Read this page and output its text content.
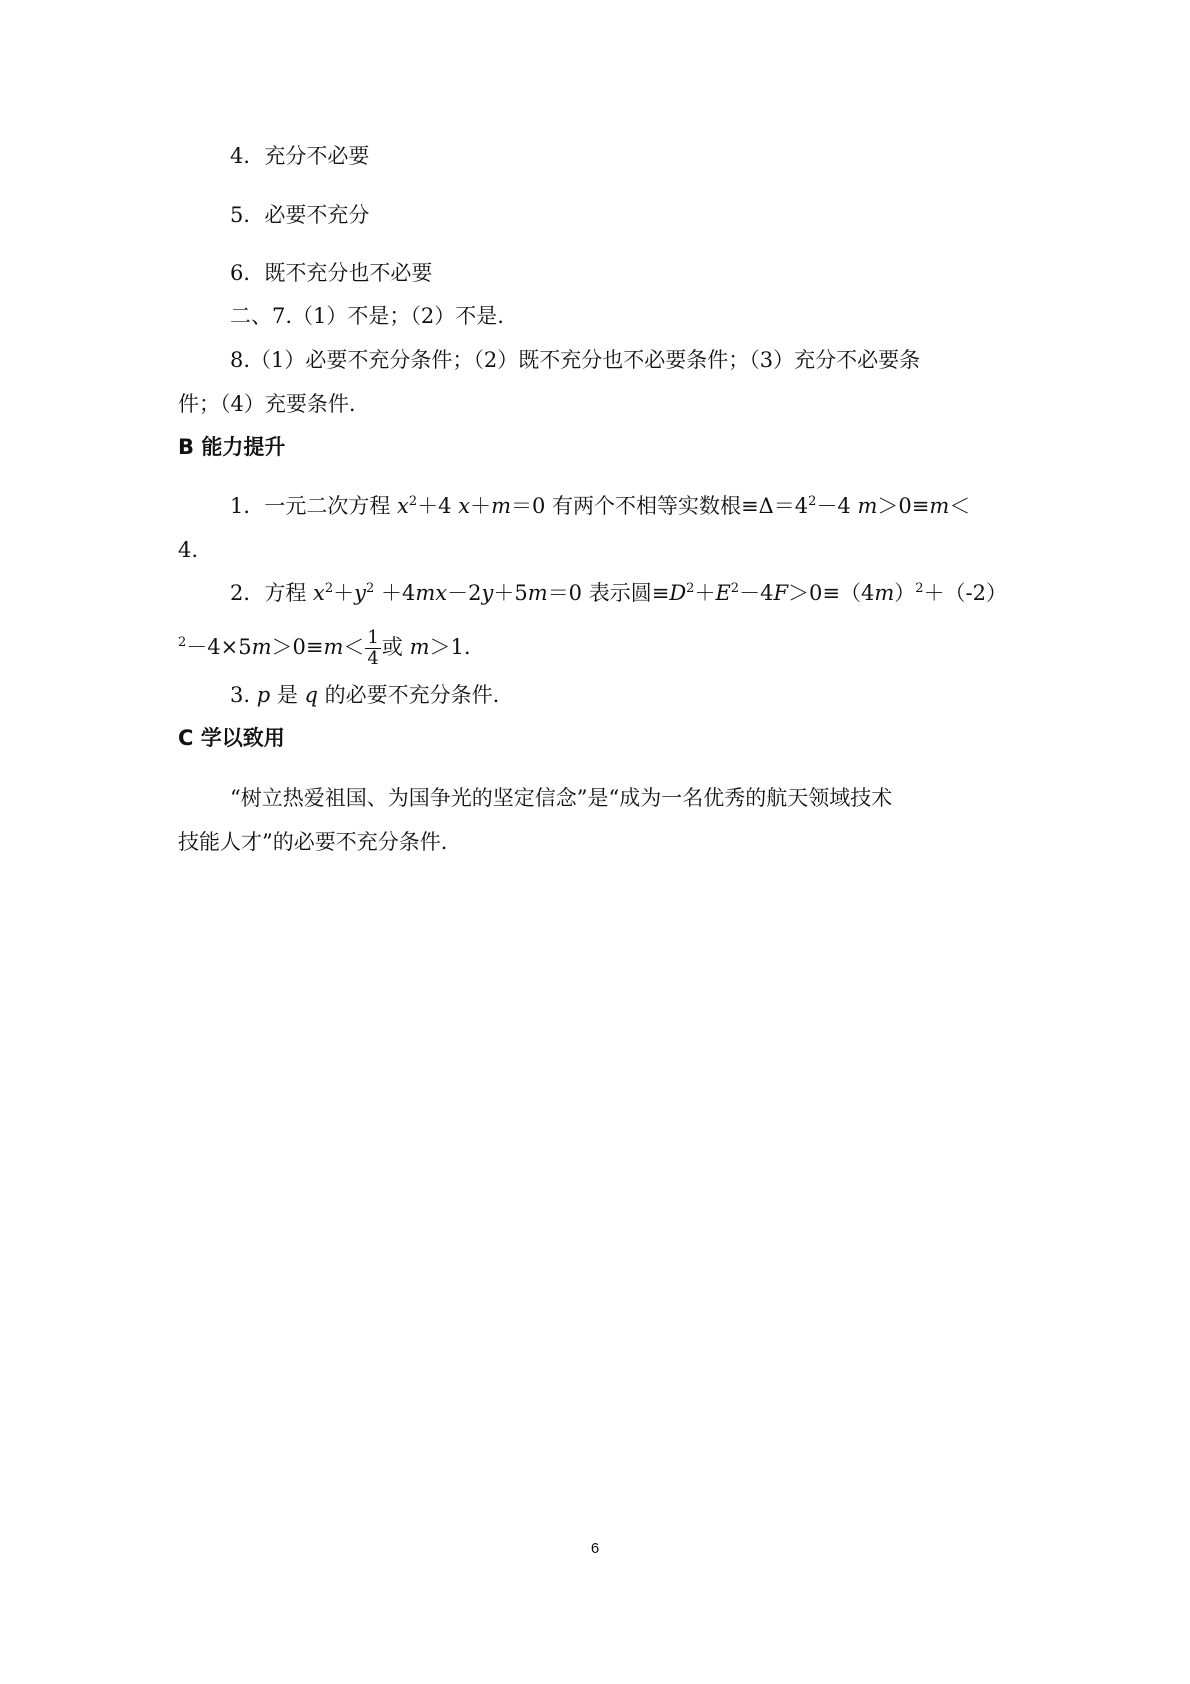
4．充分不必要
5．必要不充分
6．既不充分也不必要
二、7.（1）不是；（2）不是.
8.（1）必要不充分条件；（2）既不充分也不必要条件；（3）充分不必要条
件；（4）充要条件.
B 能力提升
1．一元二次方程 $x^2+4$ x＋m＝0 有两个不相等实数根$\equiv\Delta=4^2-4$ m＞0≡m＜
4.
2．方程 $x^2+y^2 +4mx-2y+5m=0$ 表示圆$\equiv D^2+E^2-4F>0\equiv(4m)^2+(-2)$
$^2-4\times 5m>0\equiv m< \frac{1}{4}$ 或 m＞1.
3. p 是 q 的必要不充分条件.
C 学以致用
“树立热爱祖国、为国争光的坚定信念”是“成为一名优秀的航天领域技术
技能人才”的必要不充分条件.
6
